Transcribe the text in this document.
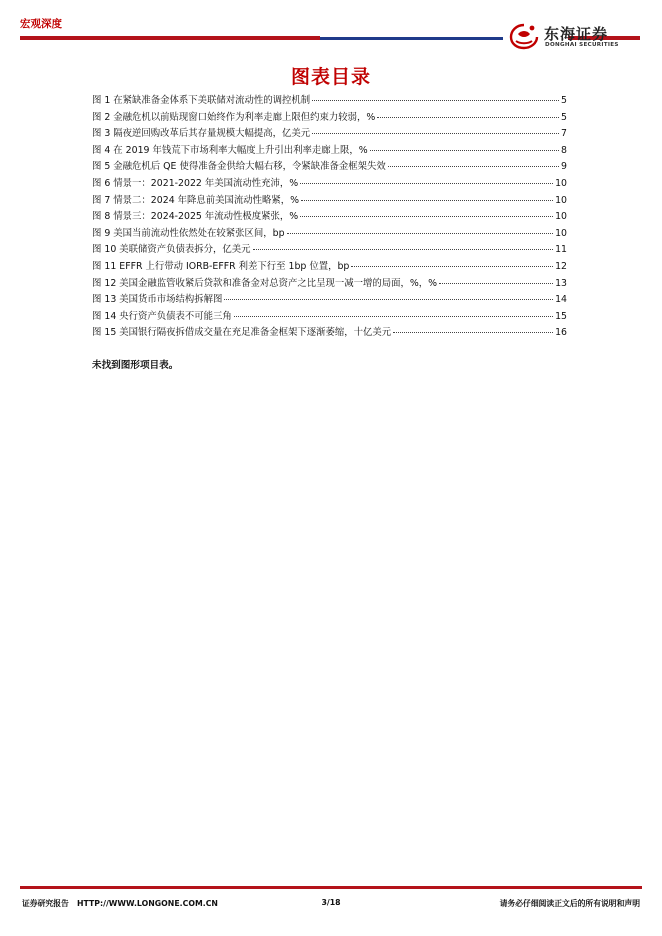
宏观深度
东海证券
DONGHAI SECURITIES
图表目录
图 1 在紧缺准备金体系下美联储对流动性的调控机制	5
图 2 金融危机以前贴现窗口始终作为利率走廊上限但约束力较弱，%	5
图 3 隔夜逆回购改革后其存量规模大幅提高，亿美元	7
图 4 在 2019 年钱荒下市场利率大幅度上升引出利率走廊上限，%	8
图 5 金融危机后 QE 使得准备金供给大幅右移，令紧缺准备金框架失效	9
图 6 情景一：2021-2022 年美国流动性充沛，%	10
图 7 情景二：2024 年降息前美国流动性略紧，%	10
图 8 情景三：2024-2025 年流动性极度紧张，%	10
图 9 美国当前流动性依然处在较紧张区间，bp	10
图 10 美联储资产负债表拆分，亿美元	11
图 11 EFFR 上行带动 IORB-EFFR 利差下行至 1bp 位置，bp	12
图 12 美国金融监管收紧后贷款和准备金对总资产之比呈现一减一增的局面，%，%	13
图 13 美国货币市场结构拆解图	14
图 14 央行资产负债表不可能三角	15
图 15 美国银行隔夜拆借成交量在充足准备金框架下逐渐萎缩，十亿美元	16
未找到图形项目表。
证券研究报告 HTTP://WWW.LONGONE.COM.CN	3/18	请务必仔细阅读正文后的所有说明和声明
